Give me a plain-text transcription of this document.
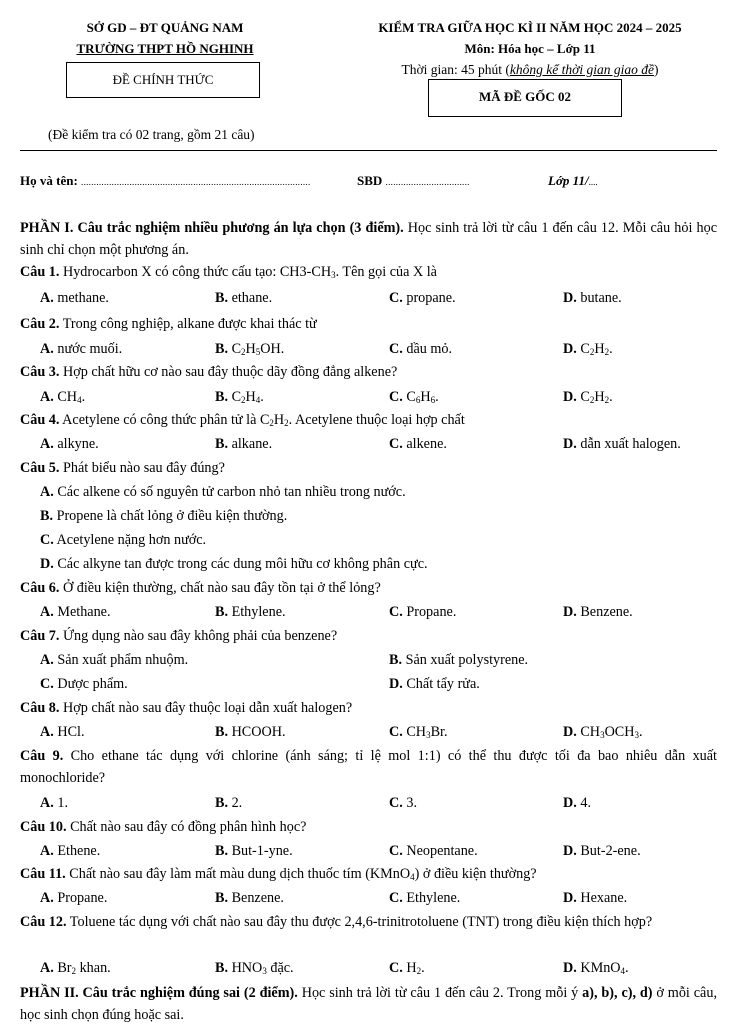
SỞ GD – ĐT QUẢNG NAM
TRƯỜNG THPT HỒ NGHINH
ĐỀ CHÍNH THỨC
KIỂM TRA GIỮA HỌC KÌ II NĂM HỌC 2024 – 2025
Môn: Hóa học – Lớp 11
Thời gian: 45 phút (không kể thời gian giao đề)
MÃ ĐỀ GỐC 02
(Đề kiểm tra có 02 trang, gồm 21 câu)
Họ và tên: ..........................................................................................	SBD .................................	Lớp 11/....
PHẦN I. Câu trắc nghiệm nhiều phương án lựa chọn (3 điểm). Học sinh trả lời từ câu 1 đến câu 12. Mỗi câu hỏi học sinh chỉ chọn một phương án.
Câu 1. Hydrocarbon X có công thức cấu tạo: $CH3-CH_3$. Tên gọi của X là
A. methane.	B. ethane.	C. propane.	D. butane.
Câu 2. Trong công nghiệp, alkane được khai thác từ
A. nước muối.	B. $C_2H_5OH$.	C. dầu mỏ.	D. $C_2H_2$.
Câu 3. Hợp chất hữu cơ nào sau đây thuộc dãy đồng đẳng alkene?
A. $CH_4$.	B. $C_2H_4$.	C. $C_6H_6$.	D. $C_2H_2$.
Câu 4. Acetylene có công thức phân tử là $C_2H_2$. Acetylene thuộc loại hợp chất
A. alkyne.	B. alkane.	C. alkene.	D. dẫn xuất halogen.
Câu 5. Phát biểu nào sau đây đúng?
A. Các alkene có số nguyên tử carbon nhỏ tan nhiều trong nước.
B. Propene là chất lỏng ở điều kiện thường.
C. Acetylene nặng hơn nước.
D. Các alkyne tan được trong các dung môi hữu cơ không phân cực.
Câu 6. Ở điều kiện thường, chất nào sau đây tồn tại ở thể lỏng?
A. Methane.	B. Ethylene.	C. Propane.	D. Benzene.
Câu 7. Ứng dụng nào sau đây không phải của benzene?
A. Sản xuất phẩm nhuộm.	B. Sản xuất polystyrene.
C. Dược phẩm.	D. Chất tẩy rửa.
Câu 8. Hợp chất nào sau đây thuộc loại dẫn xuất halogen?
A. HCl.	B. HCOOH.	C. $CH_3Br$.	D. $CH_3OCH_3$.
Câu 9. Cho ethane tác dụng với chlorine (ánh sáng; tỉ lệ mol 1:1) có thể thu được tối đa bao nhiêu dẫn xuất monochloride?
A. 1.	B. 2.	C. 3.	D. 4.
Câu 10. Chất nào sau đây có đồng phân hình học?
A. Ethene.	B. But-1-yne.	C. Neopentane.	D. But-2-ene.
Câu 11. Chất nào sau đây làm mất màu dung dịch thuốc tím (KMnO$_4$) ở điều kiện thường?
A. Propane.	B. Benzene.	C. Ethylene.	D. Hexane.
Câu 12. Toluene tác dụng với chất nào sau đây thu được 2,4,6-trinitrotoluene (TNT) trong điều kiện thích hợp?
A. $Br_2$ khan.	B. $HNO_3$ đặc.	C. $H_2$.	D. KMnO$_4$.
PHẦN II. Câu trắc nghiệm đúng sai (2 điểm). Học sinh trả lời từ câu 1 đến câu 2. Trong mỗi ý a), b), c), d) ở mỗi câu, học sinh chọn đúng hoặc sai.
